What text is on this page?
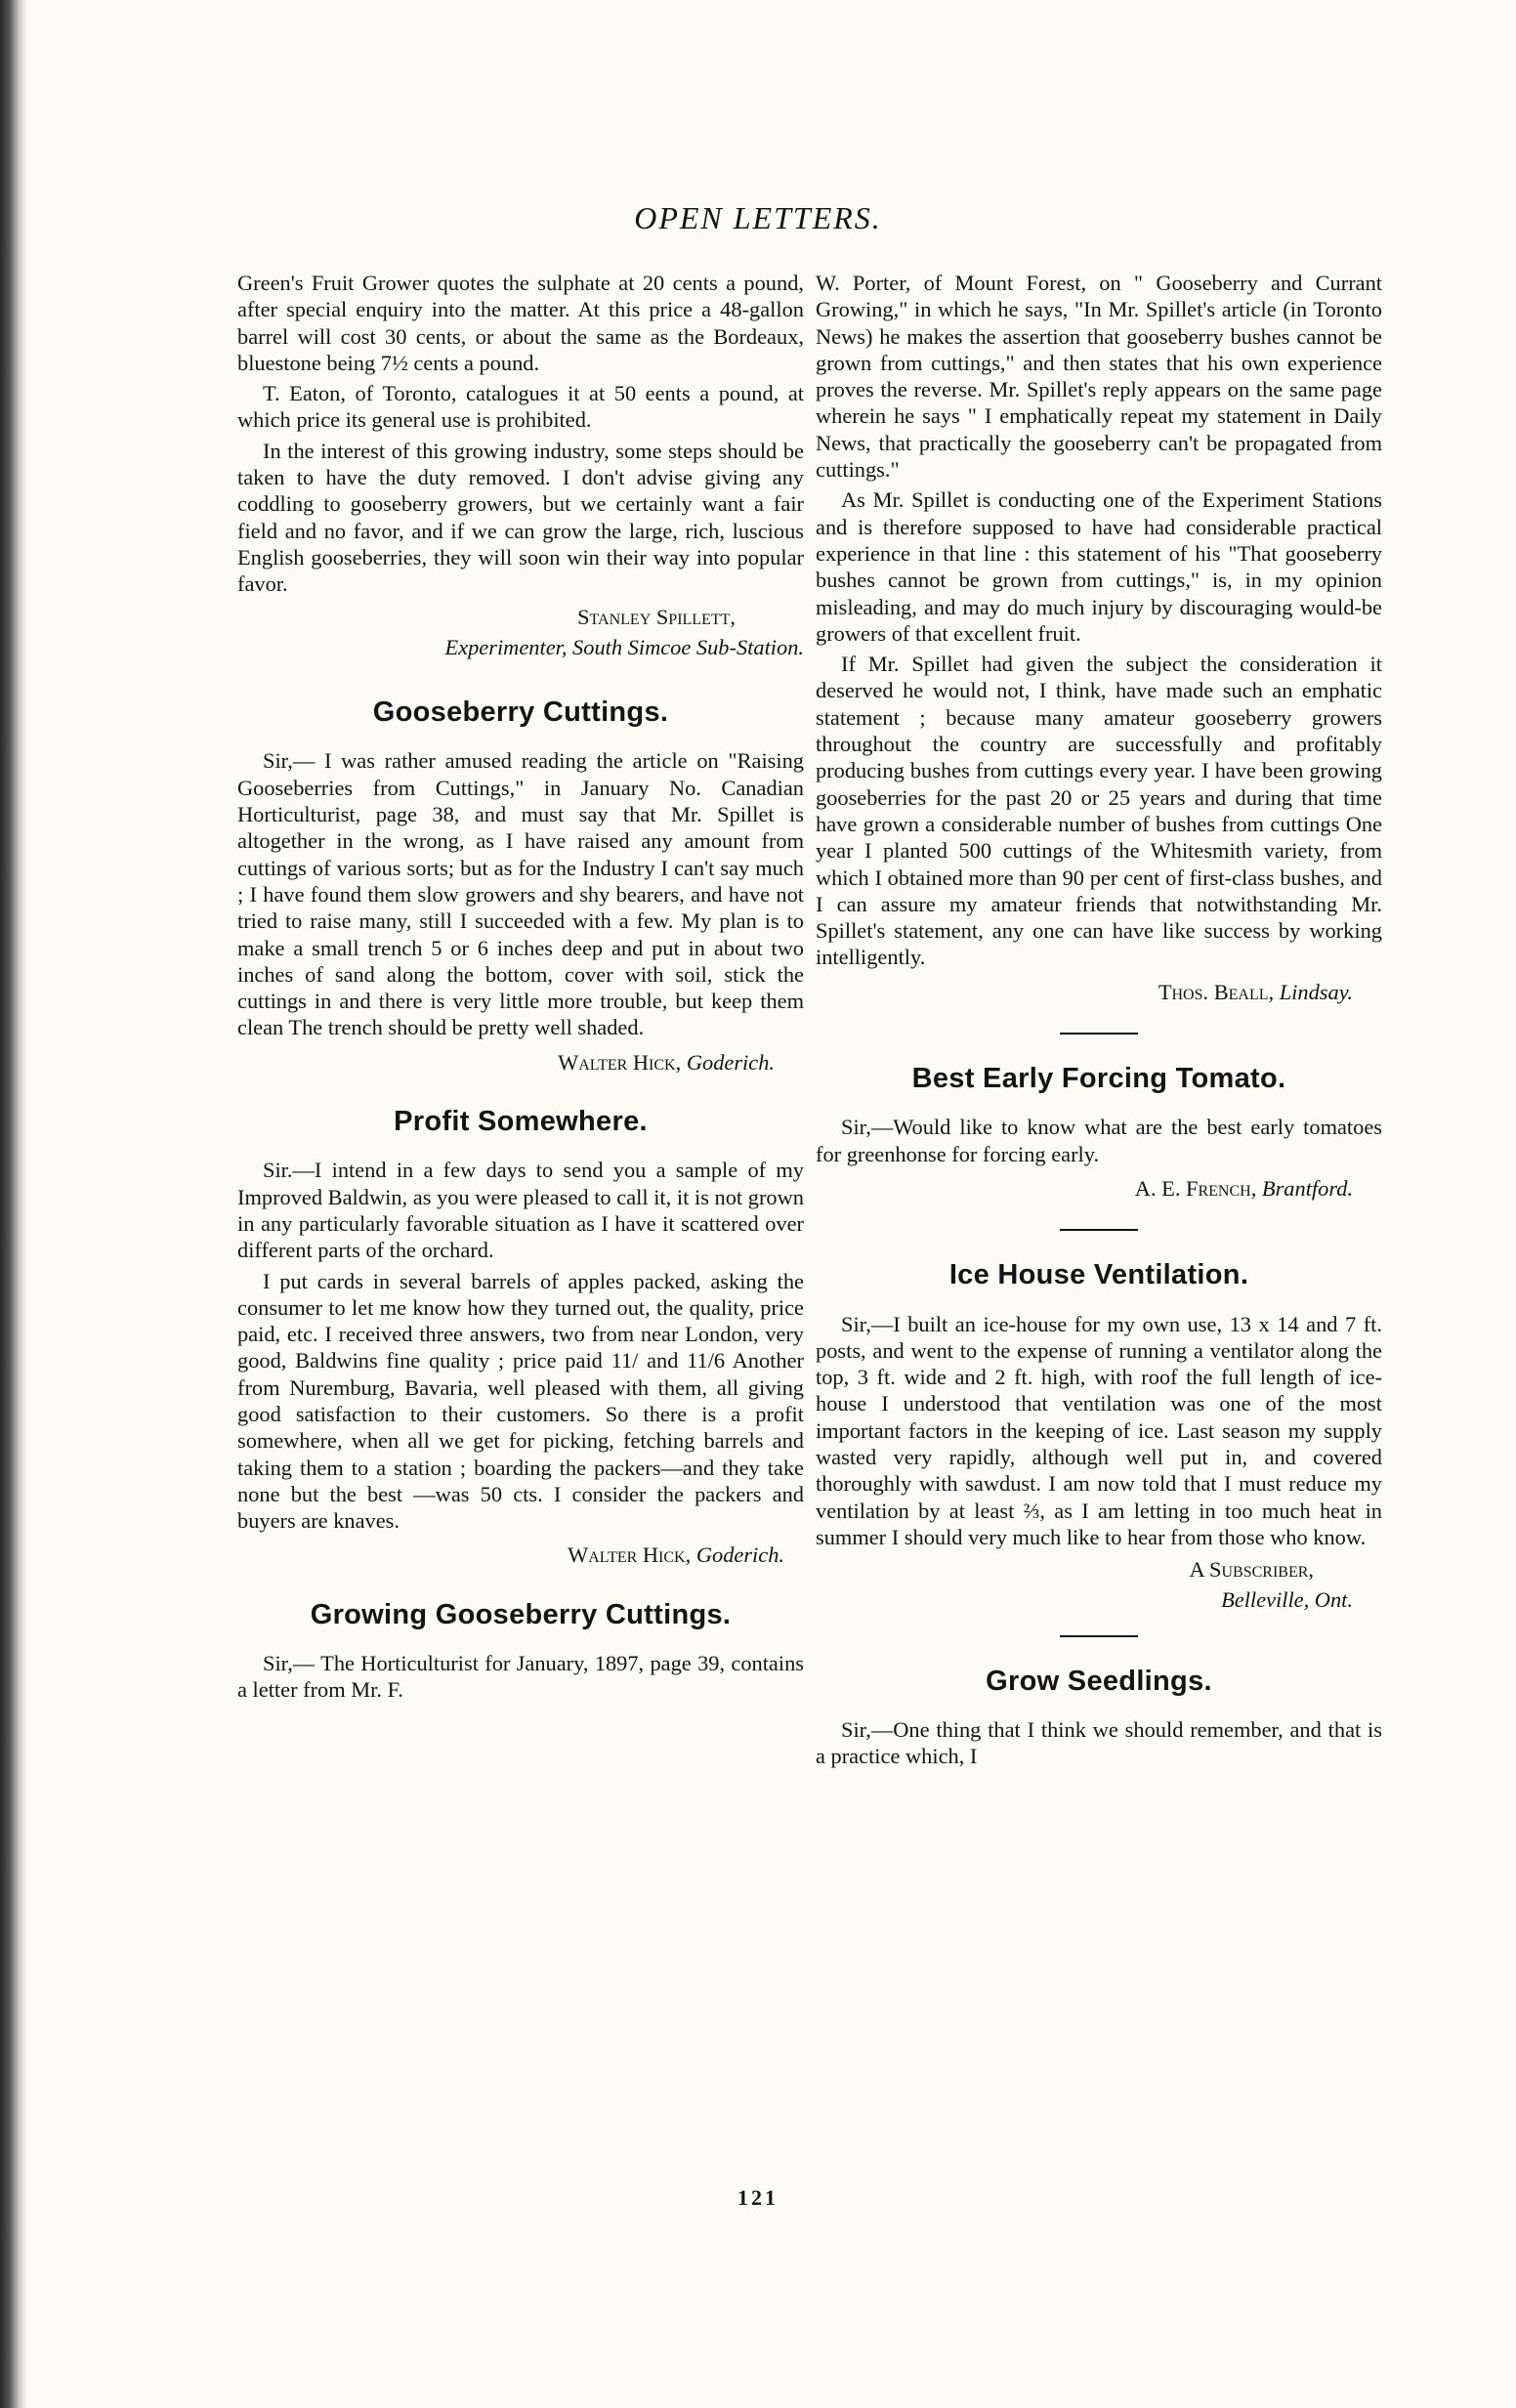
OPEN LETTERS.

Green's Fruit Grower quotes the sulphate at 20 cents a pound, after special enquiry into the matter. At this price a 48-gallon barrel will cost 30 cents, or about the same as the Bordeaux, bluestone being 7½ cents a pound.

T. Eaton, of Toronto, catalogues it at 50 eents a pound, at which price its general use is prohibited.

In the interest of this growing industry, some steps should be taken to have the duty removed. I don't advise giving any coddling to gooseberry growers, but we certainly want a fair field and no favor, and if we can grow the large, rich, luscious English gooseberries, they will soon win their way into popular favor.

Stanley Spillett,
Experimenter, South Simcoe Sub-Station.
Gooseberry Cuttings.

Sir,— I was rather amused reading the article on "Raising Gooseberries from Cuttings," in January No. Canadian Horticulturist, page 38, and must say that Mr. Spillet is altogether in the wrong, as I have raised any amount from cuttings of various sorts; but as for the Industry I can't say much ; I have found them slow growers and shy bearers, and have not tried to raise many, still I succeeded with a few. My plan is to make a small trench 5 or 6 inches deep and put in about two inches of sand along the bottom, cover with soil, stick the cuttings in and there is very little more trouble, but keep them clean The trench should be pretty well shaded.

Walter Hick, Goderich.
Profit Somewhere.

Sir.—I intend in a few days to send you a sample of my Improved Baldwin, as you were pleased to call it, it is not grown in any particularly favorable situation as I have it scattered over different parts of the orchard.

I put cards in several barrels of apples packed, asking the consumer to let me know how they turned out, the quality, price paid, etc. I received three answers, two from near London, very good, Baldwins fine quality ; price paid 11/ and 11/6 Another from Nuremburg, Bavaria, well pleased with them, all giving good satisfaction to their customers. So there is a profit somewhere, when all we get for picking, fetching barrels and taking them to a station ; boarding the packers—and they take none but the best —was 50 cts. I consider the packers and buyers are knaves.

Walter Hick, Goderich.
Growing Gooseberry Cuttings.

Sir,— The Horticulturist for January, 1897, page 39, contains a letter from Mr. F.

W. Porter, of Mount Forest, on " Gooseberry and Currant Growing," in which he says, "In Mr. Spillet's article (in Toronto News) he makes the assertion that gooseberry bushes cannot be grown from cuttings," and then states that his own experience proves the reverse. Mr. Spillet's reply appears on the same page wherein he says " I emphatically repeat my statement in Daily News, that practically the gooseberry can't be propagated from cuttings."

As Mr. Spillet is conducting one of the Experiment Stations and is therefore supposed to have had considerable practical experience in that line : this statement of his "That gooseberry bushes cannot be grown from cuttings," is, in my opinion misleading, and may do much injury by discouraging would-be growers of that excellent fruit.

If Mr. Spillet had given the subject the consideration it deserved he would not, I think, have made such an emphatic statement ; because many amateur gooseberry growers throughout the country are successfully and profitably producing bushes from cuttings every year. I have been growing gooseberries for the past 20 or 25 years and during that time have grown a considerable number of bushes from cuttings One year I planted 500 cuttings of the Whitesmith variety, from which I obtained more than 90 per cent of first-class bushes, and I can assure my amateur friends that notwithstanding Mr. Spillet's statement, any one can have like success by working intelligently.

Thos. Beall, Lindsay.
Best Early Forcing Tomato.

Sir,—Would like to know what are the best early tomatoes for greenhonse for forcing early.

A. E. French, Brantford.
Ice House Ventilation.

Sir,—I built an ice-house for my own use, 13 x 14 and 7 ft. posts, and went to the expense of running a ventilator along the top, 3 ft. wide and 2 ft. high, with roof the full length of ice-house I understood that ventilation was one of the most important factors in the keeping of ice. Last season my supply wasted very rapidly, although well put in, and covered thoroughly with sawdust. I am now told that I must reduce my ventilation by at least ⅔, as I am letting in too much heat in summer I should very much like to hear from those who know.

A Subscriber,
Belleville, Ont.
Grow Seedlings.

Sir,—One thing that I think we should remember, and that is a practice which, I

121
